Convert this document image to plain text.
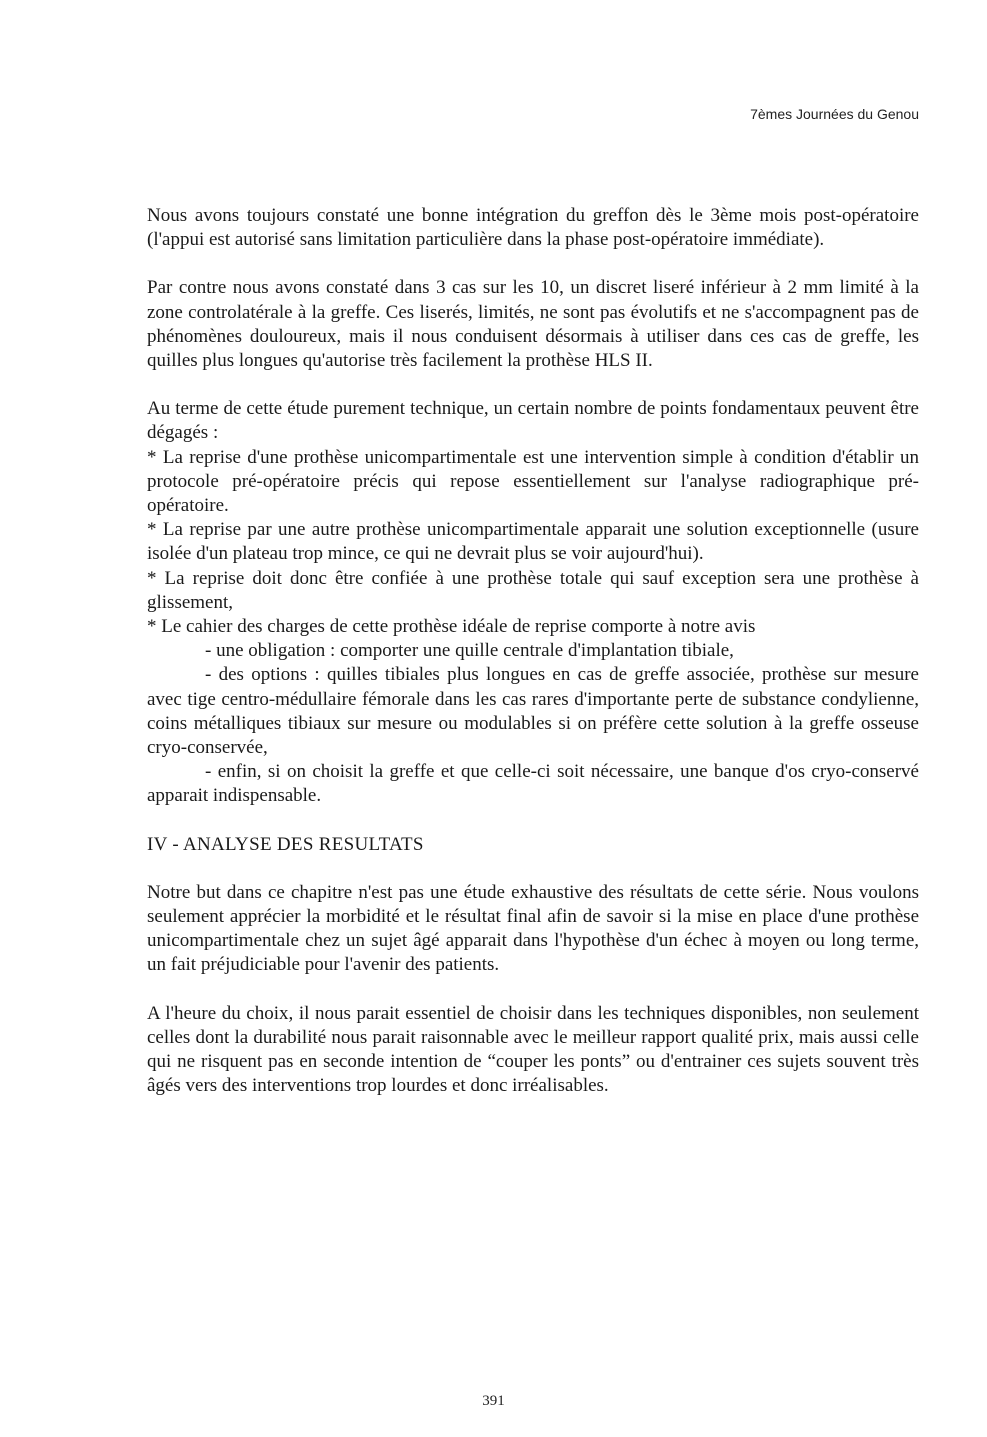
7èmes Journées du Genou

Nous avons toujours constaté une bonne intégration du greffon dès le 3ème mois post-opératoire (l'appui est autorisé sans limitation particulière dans la phase post-opératoire immédiate).

Par contre nous avons constaté dans 3 cas sur les 10, un discret liseré inférieur à 2 mm limité à la zone controlatérale à la greffe. Ces liserés, limités, ne sont pas évolutifs et ne s'accompagnent pas de phénomènes douloureux, mais il nous conduisent désormais à utiliser dans ces cas de greffe, les quilles plus longues qu'autorise très facilement la prothèse HLS II.

Au terme de cette étude purement technique, un certain nombre de points fondamentaux peuvent être dégagés :
* La reprise d'une prothèse unicompartimentale est une intervention simple à condition d'établir un protocole pré-opératoire précis qui repose essentiellement sur l'analyse radiographique pré-opératoire.
* La reprise par une autre prothèse unicompartimentale apparait une solution exceptionnelle (usure isolée d'un plateau trop mince, ce qui ne devrait plus se voir aujourd'hui).
* La reprise doit donc être confiée à une prothèse totale qui sauf exception sera une prothèse à glissement,
* Le cahier des charges de cette prothèse idéale de reprise comporte à notre avis
- une obligation : comporter une quille centrale d'implantation tibiale,
- des options : quilles tibiales plus longues en cas de greffe associée, prothèse sur mesure avec tige centro-médullaire fémorale dans les cas rares d'importante perte de substance condylienne, coins métalliques tibiaux sur mesure ou modulables si on préfère cette solution à la greffe osseuse cryo-conservée,
- enfin, si on choisit la greffe et que celle-ci soit nécessaire, une banque d'os cryo-conservé apparait indispensable.
IV - ANALYSE DES RESULTATS

Notre but dans ce chapitre n'est pas une étude exhaustive des résultats de cette série. Nous voulons seulement apprécier la morbidité et le résultat final afin de savoir si la mise en place d'une prothèse unicompartimentale chez un sujet âgé apparait dans l'hypothèse d'un échec à moyen ou long terme, un fait préjudiciable pour l'avenir des patients.

A l'heure du choix, il nous parait essentiel de choisir dans les techniques disponibles, non seulement celles dont la durabilité nous parait raisonnable avec le meilleur rapport qualité prix, mais aussi celle qui ne risquent pas en seconde intention de “couper les ponts” ou d'entrainer ces sujets souvent très âgés vers des interventions trop lourdes et donc irréalisables.

391
